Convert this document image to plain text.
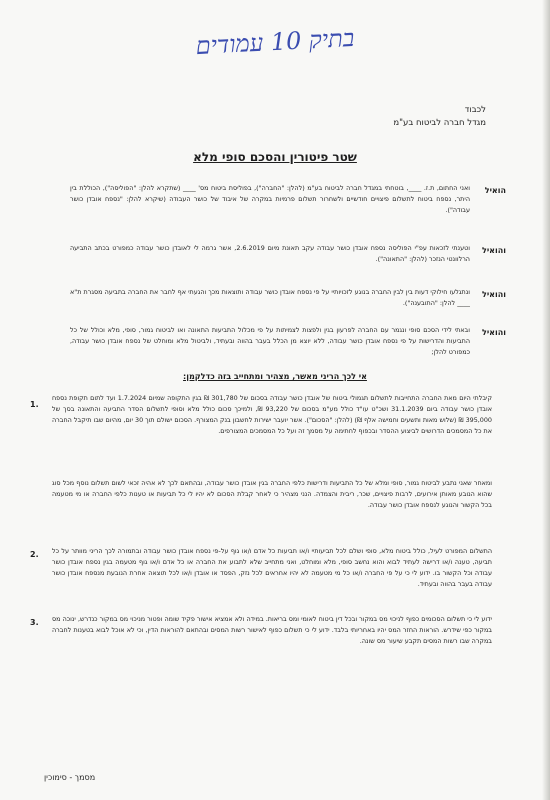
בתיק 10 עמודים
לכבוד
מגדל חברה לביטוח בע"מ
שטר פיטורין והסכם סופי מלא
הואיל
ואני החתום, ת.ז. ____, בוטחתי במגדל חברה לביטוח בע"מ (להלן: "החברה"), בפוליסת ביטוח מס' ____ (שתקרא להלן: "הפוליסה"), הכוללת בין היתר, נספח ביטוח לתשלום פיצויים חודשיים ולשחרור תשלום פרמיות במקרה של איבוד של כושר העבודה (שיקרא להלן: "נספח אובדן כושר עבודה").
והואיל
וטענתי לזכאות עפ"י הפוליסה נספח אובדן כושר עבודה עקב תאונת מיום 2.6.2019, אשר גרמה לי לאובדן כושר עבודה כמפורט בכתב התביעה הרלוונטי הנזכר (להלן: "התאונה").
והואיל
ונתגלעו חילוקי דעות בין לבין החברה בנוגע לזכויותיי על פי נספח אובדן כושר עבודה ותוצאות מכך והגעתי אף לחבר את החברה בתביעה מסגרת ת"א ____ להלן: "התובענה").
והואיל
ובאתי לידי הסכם סופי ונגמר עם החברה לפרעון בגין ולפצות לצמיתות על פי מכלול התביעות התאונה ואו לביטוח גמור, סופי, מלא וכולל של כל התביעות והדרישות על פי נספח אובדן כושר עבודה, ללא יוצא מן הכלל בעבר בהווה ובעתיד, ולביטול מלא ומוחלט של נספח אובדן כושר עבודה, כמפורט להלן;
אי לכך הריני מאשר, מצהיר ומתחייב בזה כדלקמן:
1.
קיבלתי היום מאת החברה התחייבות לתשלום תגמולי ביטוח של אובדן כושר עבודה בסכום של 301,780 ₪ בגין התקופה שמיום 1.7.2024 ועד לתום תקופת נספח אובדן כושר עבודה ביום 31.1.2039 ושכ"ט עו"ד כולל מע"מ בסכום של 93,220 ₪, ולמיכך סכום כולל מלא וסופי לתשלום הסדר התביעה והתאונה בסך של 395,000 ₪ (שלוש מאות ותשעים וחמישה אלף ₪) (להלן: "הסכום"). אשר יועבר ישירות לחשבון בנק המצורף. הסכום ישולם תוך 30 יום, מהיום שבו תיקבל החברה את כל המסמכים הדרושים לביצוע ההסדר ובכפוף לחתימה על מסמך זה ועל כל המסמכים המצורפים.
ומאחר שאני נתבע לביטוח גמור, סופי ומלא של כל התביעות ודרישות כלפי החברה בגין אובדן כושר עבודה, ובהתאם לכך לא אהיה זכאי לשום תשלום נוסף מכל סוג שהוא הנובע מאותן אירועים, לרבות פיצויים, שכר, ריבית והצמדה. הנני מצהיר כי לאחר קבלת הסכום לא יהיו לי כל תביעות או טענות כלפי החברה או מי מטעמה בכל הקשור והנוגע לנספח אובדן כושר עבודה.
2. התשלום המפורט לעיל, כולל ביטוח מלא, סופי ושלם לכל תביעותיי ו/או תביעות כל אדם ו/או גוף על-פי נספח אובדן כושר עבודה ובתמורה לכך הריני מוותר על כל תביעה, טענה ו/או דרישה לעתיד לבוא והוא נחשב סופי, מלא ומוחלט, ואני מתחייב שלא לתבוע את החברה או כל אדם ו/או גוף מטעמה בגין נספח אובדן כושר עבודה וכל הקשור בו. ידוע לי כי על פי החברה ו/או כל מי מטעמה לא יהיו אחראים לכל נזק, הפסד או אובדן ו/או לכל תוצאה אחרת הנובעת מנספח אובדן כושר עבודה בעבר בהווה ובעתיד.
3. ידוע לי כי תשלום הסכומים כפוף לניכוי מס במקור ובכל דין ביטוח לאומי ומס בריאות. במידה ולא אמציא אישור פקיד שומה ופטור מניכוי מס במקור כנדרש, ינוכה מס במקור כפי שידרש. הוראות החזר המס יהיו באחריותי בלבד. ידוע לי כי תשלום כפוף לאישור רשות המסים ובהתאם להוראות הדין, וכי לא אוכל לבוא בטענות לחברה במקרה שבו רשות המסים תקבע שיעור מס שונה.
מסמך - סימוכין
